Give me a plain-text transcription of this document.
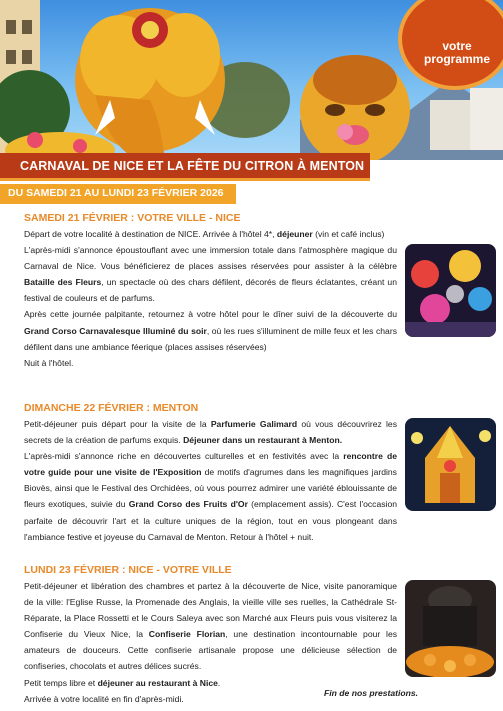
votre
programme
CARNAVAL DE NICE ET LA FÊTE DU CITRON À MENTON
DU SAMEDI 21 AU LUNDI 23 FÉVRIER 2026
SAMEDI 21 FÉVRIER : VOTRE VILLE - NICE

Départ de votre localité à destination de NICE. Arrivée à l'hôtel 4*, déjeuner (vin et café inclus)

L'après-midi s'annonce époustouflant avec une immersion totale dans l'atmosphère magique du Carnaval de Nice. Vous bénéficierez de places assises réservées pour assister à la célèbre Bataille des Fleurs, un spectacle où des chars défilent, décorés de fleurs éclatantes, créant un festival de couleurs et de parfums.

Après cette journée palpitante, retournez à votre hôtel pour le dîner suivi de la découverte du Grand Corso Carnavalesque Illuminé du soir, où les rues s'illuminent de mille feux et les chars défilent dans une ambiance féerique (places assises réservées)

Nuit à l'hôtel.

DIMANCHE 22 FÉVRIER : MENTON

Petit-déjeuner puis départ pour la visite de la Parfumerie Galimard où vous découvrirez les secrets de la création de parfums exquis. Déjeuner dans un restaurant à Menton.

L'après-midi s'annonce riche en découvertes culturelles et en festivités avec la rencontre de votre guide pour une visite de l'Exposition de motifs d'agrumes dans les magnifiques jardins Biovès, ainsi que le Festival des Orchidées, où vous pourrez admirer une variété éblouissante de fleurs exotiques, suivie du Grand Corso des Fruits d'Or (emplacement assis). C'est l'occasion parfaite de découvrir l'art et la culture uniques de la région, tout en vous plongeant dans l'ambiance festive et joyeuse du Carnaval de Menton. Retour à l'hôtel + nuit.

LUNDI 23 FÉVRIER : NICE - VOTRE VILLE

Petit-déjeuner et libération des chambres et partez à la découverte de Nice, visite panoramique de la ville: l'Eglise Russe, la Promenade des Anglais, la vieille ville ses ruelles, la Cathédrale St- Réparate, la Place Rossetti et le Cours Saleya avec son Marché aux Fleurs puis vous visiterez la Confiserie du Vieux Nice, la Confiserie Florian, une destination incontournable pour les amateurs de douceurs. Cette confiserie artisanale propose une délicieuse sélection de confiseries, chocolats et autres délices sucrés.

Petit temps libre et déjeuner au restaurant à Nice.

Arrivée à votre localité en fin d'après-midi.

Fin de nos prestations.
